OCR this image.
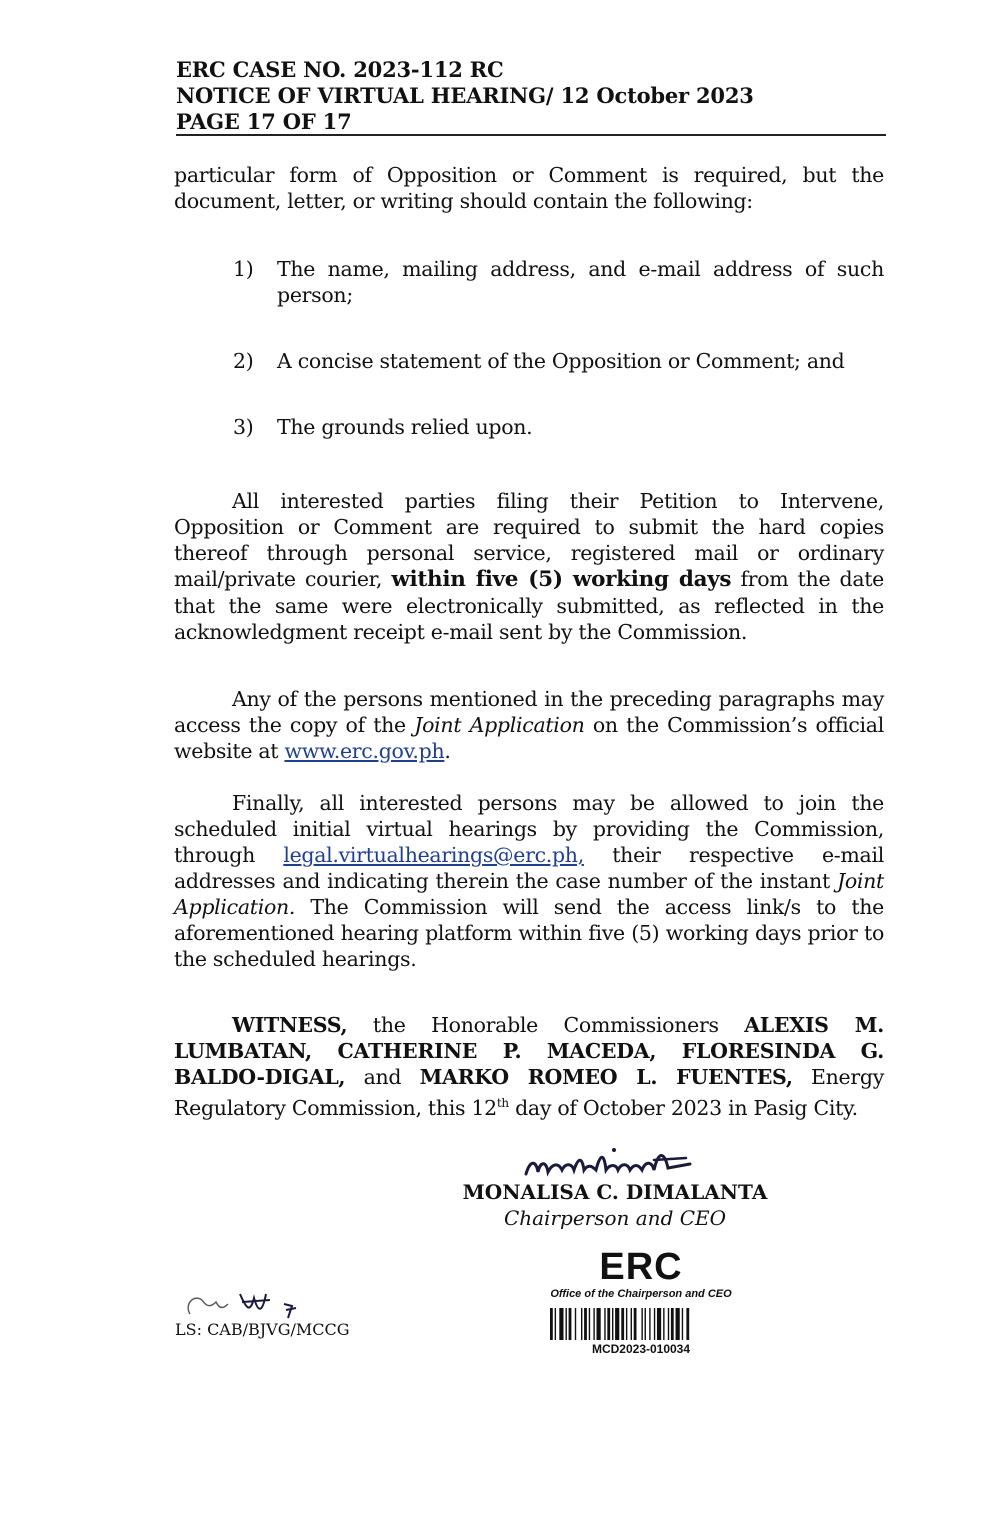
ERC CASE NO. 2023-112 RC
NOTICE OF VIRTUAL HEARING/ 12 October 2023
PAGE 17 OF 17
particular form of Opposition or Comment is required, but the document, letter, or writing should contain the following:
1) The name, mailing address, and e-mail address of such person;
2) A concise statement of the Opposition or Comment; and
3) The grounds relied upon.
All interested parties filing their Petition to Intervene, Opposition or Comment are required to submit the hard copies thereof through personal service, registered mail or ordinary mail/private courier, within five (5) working days from the date that the same were electronically submitted, as reflected in the acknowledgment receipt e-mail sent by the Commission.
Any of the persons mentioned in the preceding paragraphs may access the copy of the Joint Application on the Commission’s official website at www.erc.gov.ph.
Finally, all interested persons may be allowed to join the scheduled initial virtual hearings by providing the Commission, through legal.virtualhearings@erc.ph, their respective e-mail addresses and indicating therein the case number of the instant Joint Application. The Commission will send the access link/s to the aforementioned hearing platform within five (5) working days prior to the scheduled hearings.
WITNESS, the Honorable Commissioners ALEXIS M. LUMBATAN, CATHERINE P. MACEDA, FLORESINDA G. BALDO-DIGAL, and MARKO ROMEO L. FUENTES, Energy Regulatory Commission, this 12th day of October 2023 in Pasig City.
MONALISA C. DIMALANTA
Chairperson and CEO
ERC
Office of the Chairperson and CEO
MCD2023-010034
LS: CAB/BJVG/MCCG
